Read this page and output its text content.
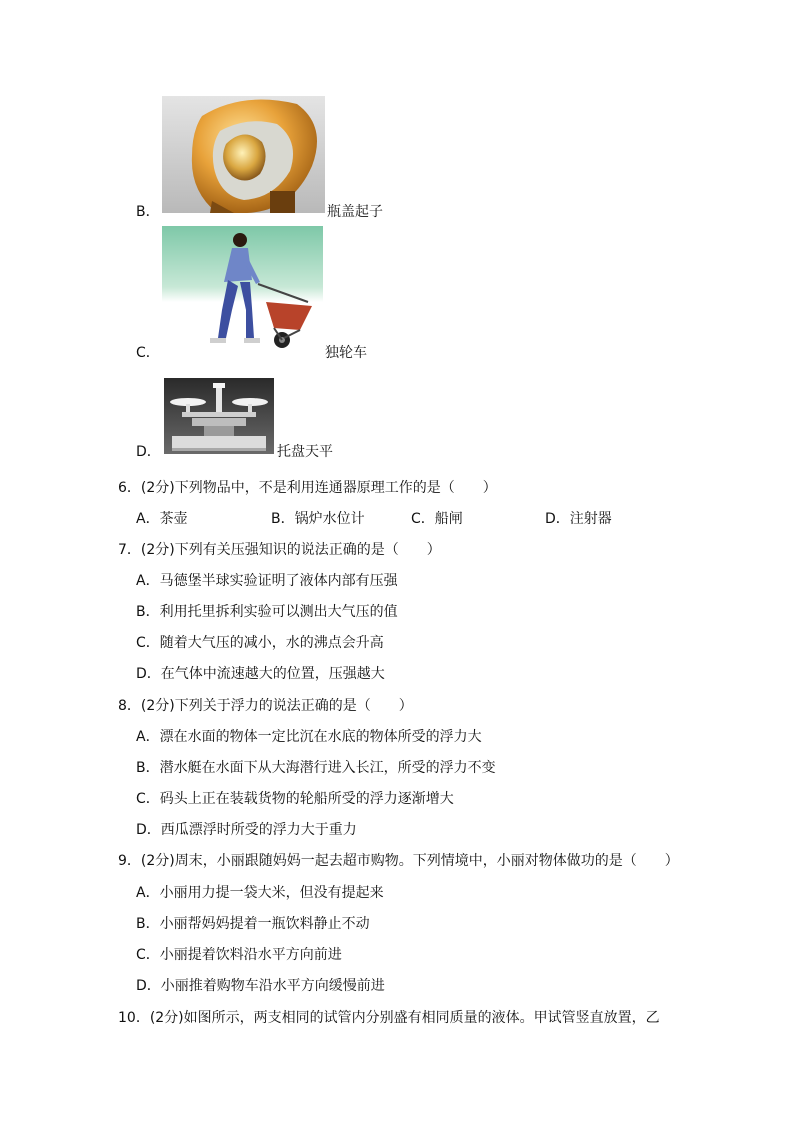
B．	瓶盖起子
C．	独轮车
D．	托盘天平
6．(2分)下列物品中，不是利用连通器原理工作的是（　　）
A．茶壶	B．锅炉水位计	C．船闸	D．注射器
7．(2分)下列有关压强知识的说法正确的是（　　）
A．马德堡半球实验证明了液体内部有压强
B．利用托里拆利实验可以测出大气压的值
C．随着大气压的减小，水的沸点会升高
D．在气体中流速越大的位置，压强越大
8．(2分)下列关于浮力的说法正确的是（　　）
A．漂在水面的物体一定比沉在水底的物体所受的浮力大
B．潜水艇在水面下从大海潜行进入长江，所受的浮力不变
C．码头上正在装载货物的轮船所受的浮力逐渐增大
D．西瓜漂浮时所受的浮力大于重力
9．(2分)周末，小丽跟随妈妈一起去超市购物。下列情境中，小丽对物体做功的是（　　）
A．小丽用力提一袋大米，但没有提起来
B．小丽帮妈妈提着一瓶饮料静止不动
C．小丽提着饮料沿水平方向前进
D．小丽推着购物车沿水平方向缓慢前进
10．(2分)如图所示，两支相同的试管内分别盛有相同质量的液体。甲试管竖直放置，乙
